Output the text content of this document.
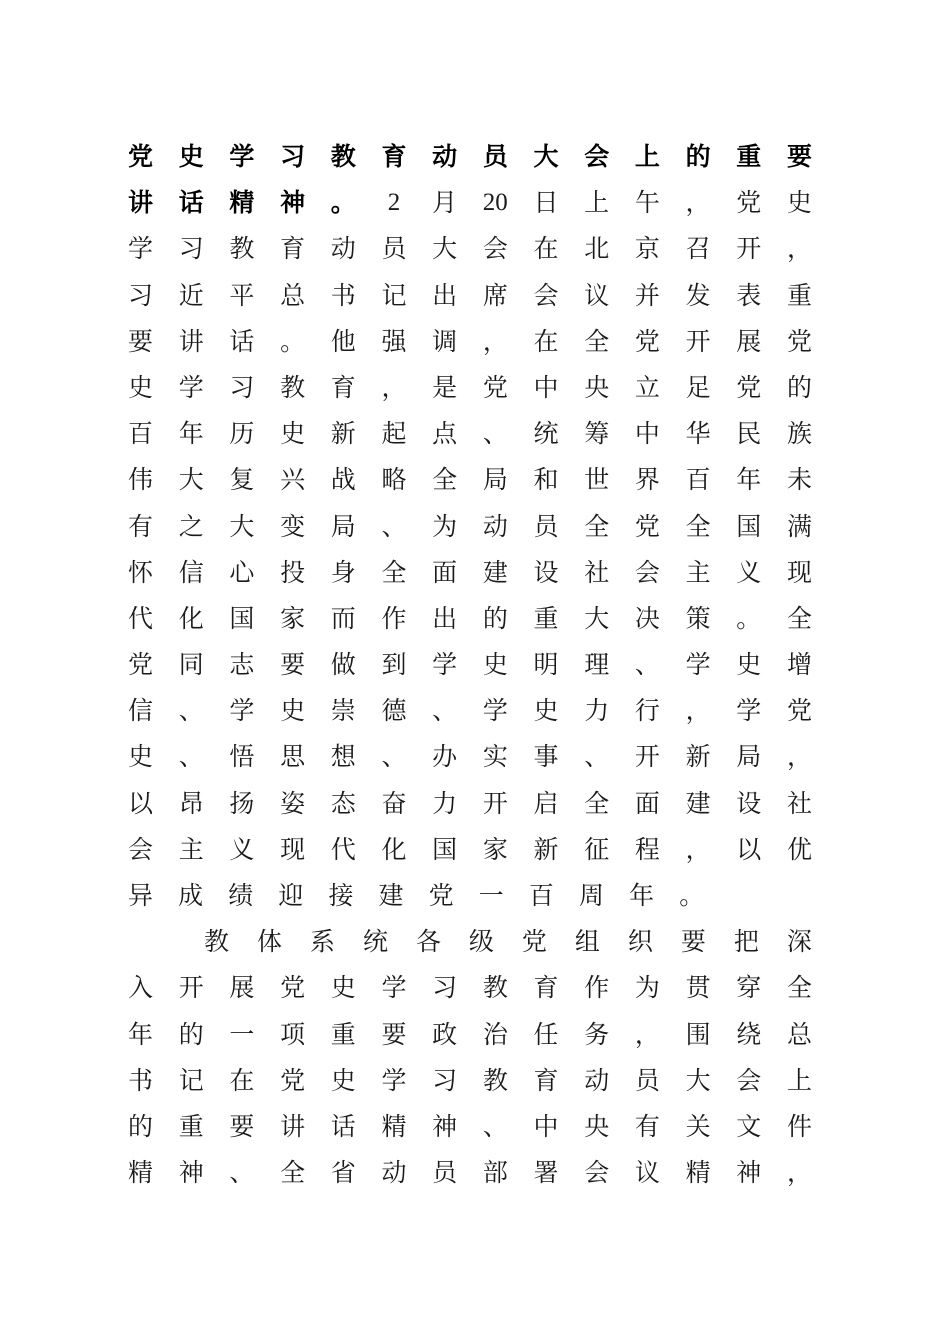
党 史 学 习 教 育 动 员 大 会 上 的 重 要
讲 话 精 神 。 2 月 20 日 上 午 ， 党 史
学 习 教 育 动 员 大 会 在 北 京 召 开 ，
习 近 平 总 书 记 出 席 会 议 并 发 表 重
要 讲 话 。 他 强 调 ， 在 全 党 开 展 党
史 学 习 教 育 ， 是 党 中 央 立 足 党 的
百 年 历 史 新 起 点 、 统 筹 中 华 民 族
伟 大 复 兴 战 略 全 局 和 世 界 百 年 未
有 之 大 变 局 、 为 动 员 全 党 全 国 满
怀 信 心 投 身 全 面 建 设 社 会 主 义 现
代 化 国 家 而 作 出 的 重 大 决 策 。 全
党 同 志 要 做 到 学 史 明 理 、 学 史 增
信 、 学 史 崇 德 、 学 史 力 行 ， 学 党
史 、 悟 思 想 、 办 实 事 、 开 新 局 ，
以 昂 扬 姿 态 奋 力 开 启 全 面 建 设 社
会 主 义 现 代 化 国 家 新 征 程 ， 以 优
异 成 绩 迎 接 建 党 一 百 周 年 。
教 体 系 统 各 级 党 组 织 要 把 深
入 开 展 党 史 学 习 教 育 作 为 贯 穿 全
年 的 一 项 重 要 政 治 任 务 ， 围 绕 总
书 记 在 党 史 学 习 教 育 动 员 大 会 上
的 重 要 讲 话 精 神 、 中 央 有 关 文 件
精 神 、 全 省 动 员 部 署 会 议 精 神 ，
